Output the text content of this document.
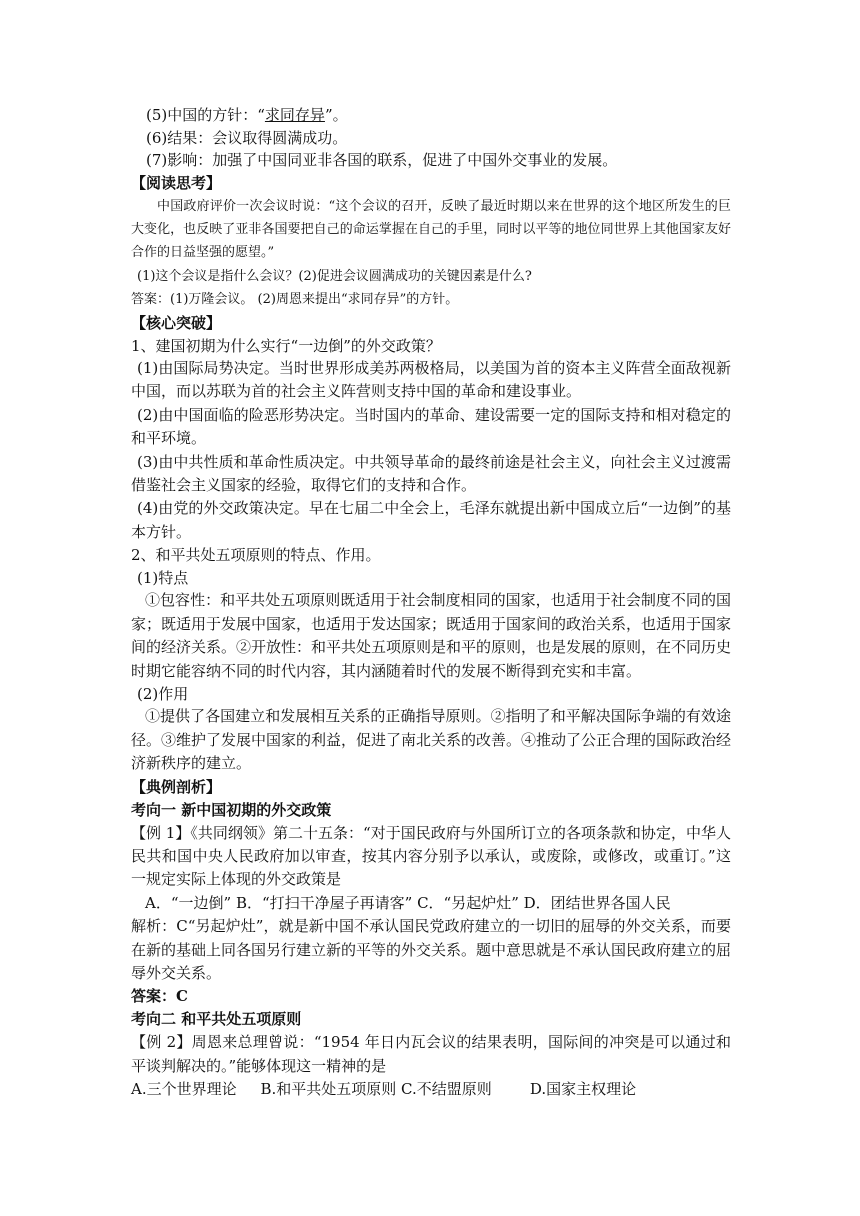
(5)中国的方针：“求同存异”。
(6)结果：会议取得圆满成功。
(7)影响：加强了中国同亚非各国的联系，促进了中国外交事业的发展。
【阅读思考】
中国政府评价一次会议时说：“这个会议的召开，反映了最近时期以来在世界的这个地区所发生的巨大变化，也反映了亚非各国要把自己的命运掌握在自己的手里，同时以平等的地位同世界上其他国家友好合作的日益坚强的愿望。”
(1)这个会议是指什么会议？(2)促进会议圆满成功的关键因素是什么?
答案：(1)万隆会议。 (2)周恩来提出“求同存异”的方针。
【核心突破】
1、建国初期为什么实行“一边倒”的外交政策？
(1)由国际局势决定。当时世界形成美苏两极格局，以美国为首的资本主义阵营全面敌视新中国，而以苏联为首的社会主义阵营则支持中国的革命和建设事业。
(2)由中国面临的险恶形势决定。当时国内的革命、建设需要一定的国际支持和相对稳定的和平环境。
(3)由中共性质和革命性质决定。中共领导革命的最终前途是社会主义，向社会主义过渡需借鉴社会主义国家的经验，取得它们的支持和合作。
(4)由党的外交政策决定。早在七届二中全会上，毛泽东就提出新中国成立后“一边倒”的基本方针。
2、和平共处五项原则的特点、作用。
(1)特点
①包容性：和平共处五项原则既适用于社会制度相同的国家，也适用于社会制度不同的国家；既适用于发展中国家，也适用于发达国家；既适用于国家间的政治关系，也适用于国家间的经济关系。②开放性：和平共处五项原则是和平的原则，也是发展的原则，在不同历史时期它能容纳不同的时代内容，其内涵随着时代的发展不断得到充实和丰富。
(2)作用
①提供了各国建立和发展相互关系的正确指导原则。②指明了和平解决国际争端的有效途径。③维护了发展中国家的利益，促进了南北关系的改善。④推动了公正合理的国际政治经济新秩序的建立。
【典例剖析】
考向一 新中国初期的外交政策
【例 1】《共同纲领》第二十五条：“对于国民政府与外国所订立的各项条款和协定，中华人民共和国中央人民政府加以审查，按其内容分别予以承认，或废除，或修改，或重订。”这一规定实际上体现的外交政策是
A．“一边倒” B．“打扫干净屋子再请客” C．“另起炉灶” D．团结世界各国人民
解析：C“另起炉灶”，就是新中国不承认国民党政府建立的一切旧的屈辱的外交关系，而要在新的基础上同各国另行建立新的平等的外交关系。题中意思就是不承认国民政府建立的屈辱外交关系。
答案：C
考向二 和平共处五项原则
【例 2】周恩来总理曾说：“1954 年日内瓦会议的结果表明，国际间的冲突是可以通过和平谈判解决的。”能够体现这一精神的是
A.三个世界理论     B.和平共处五项原则 C.不结盟原则        D.国家主权理论
